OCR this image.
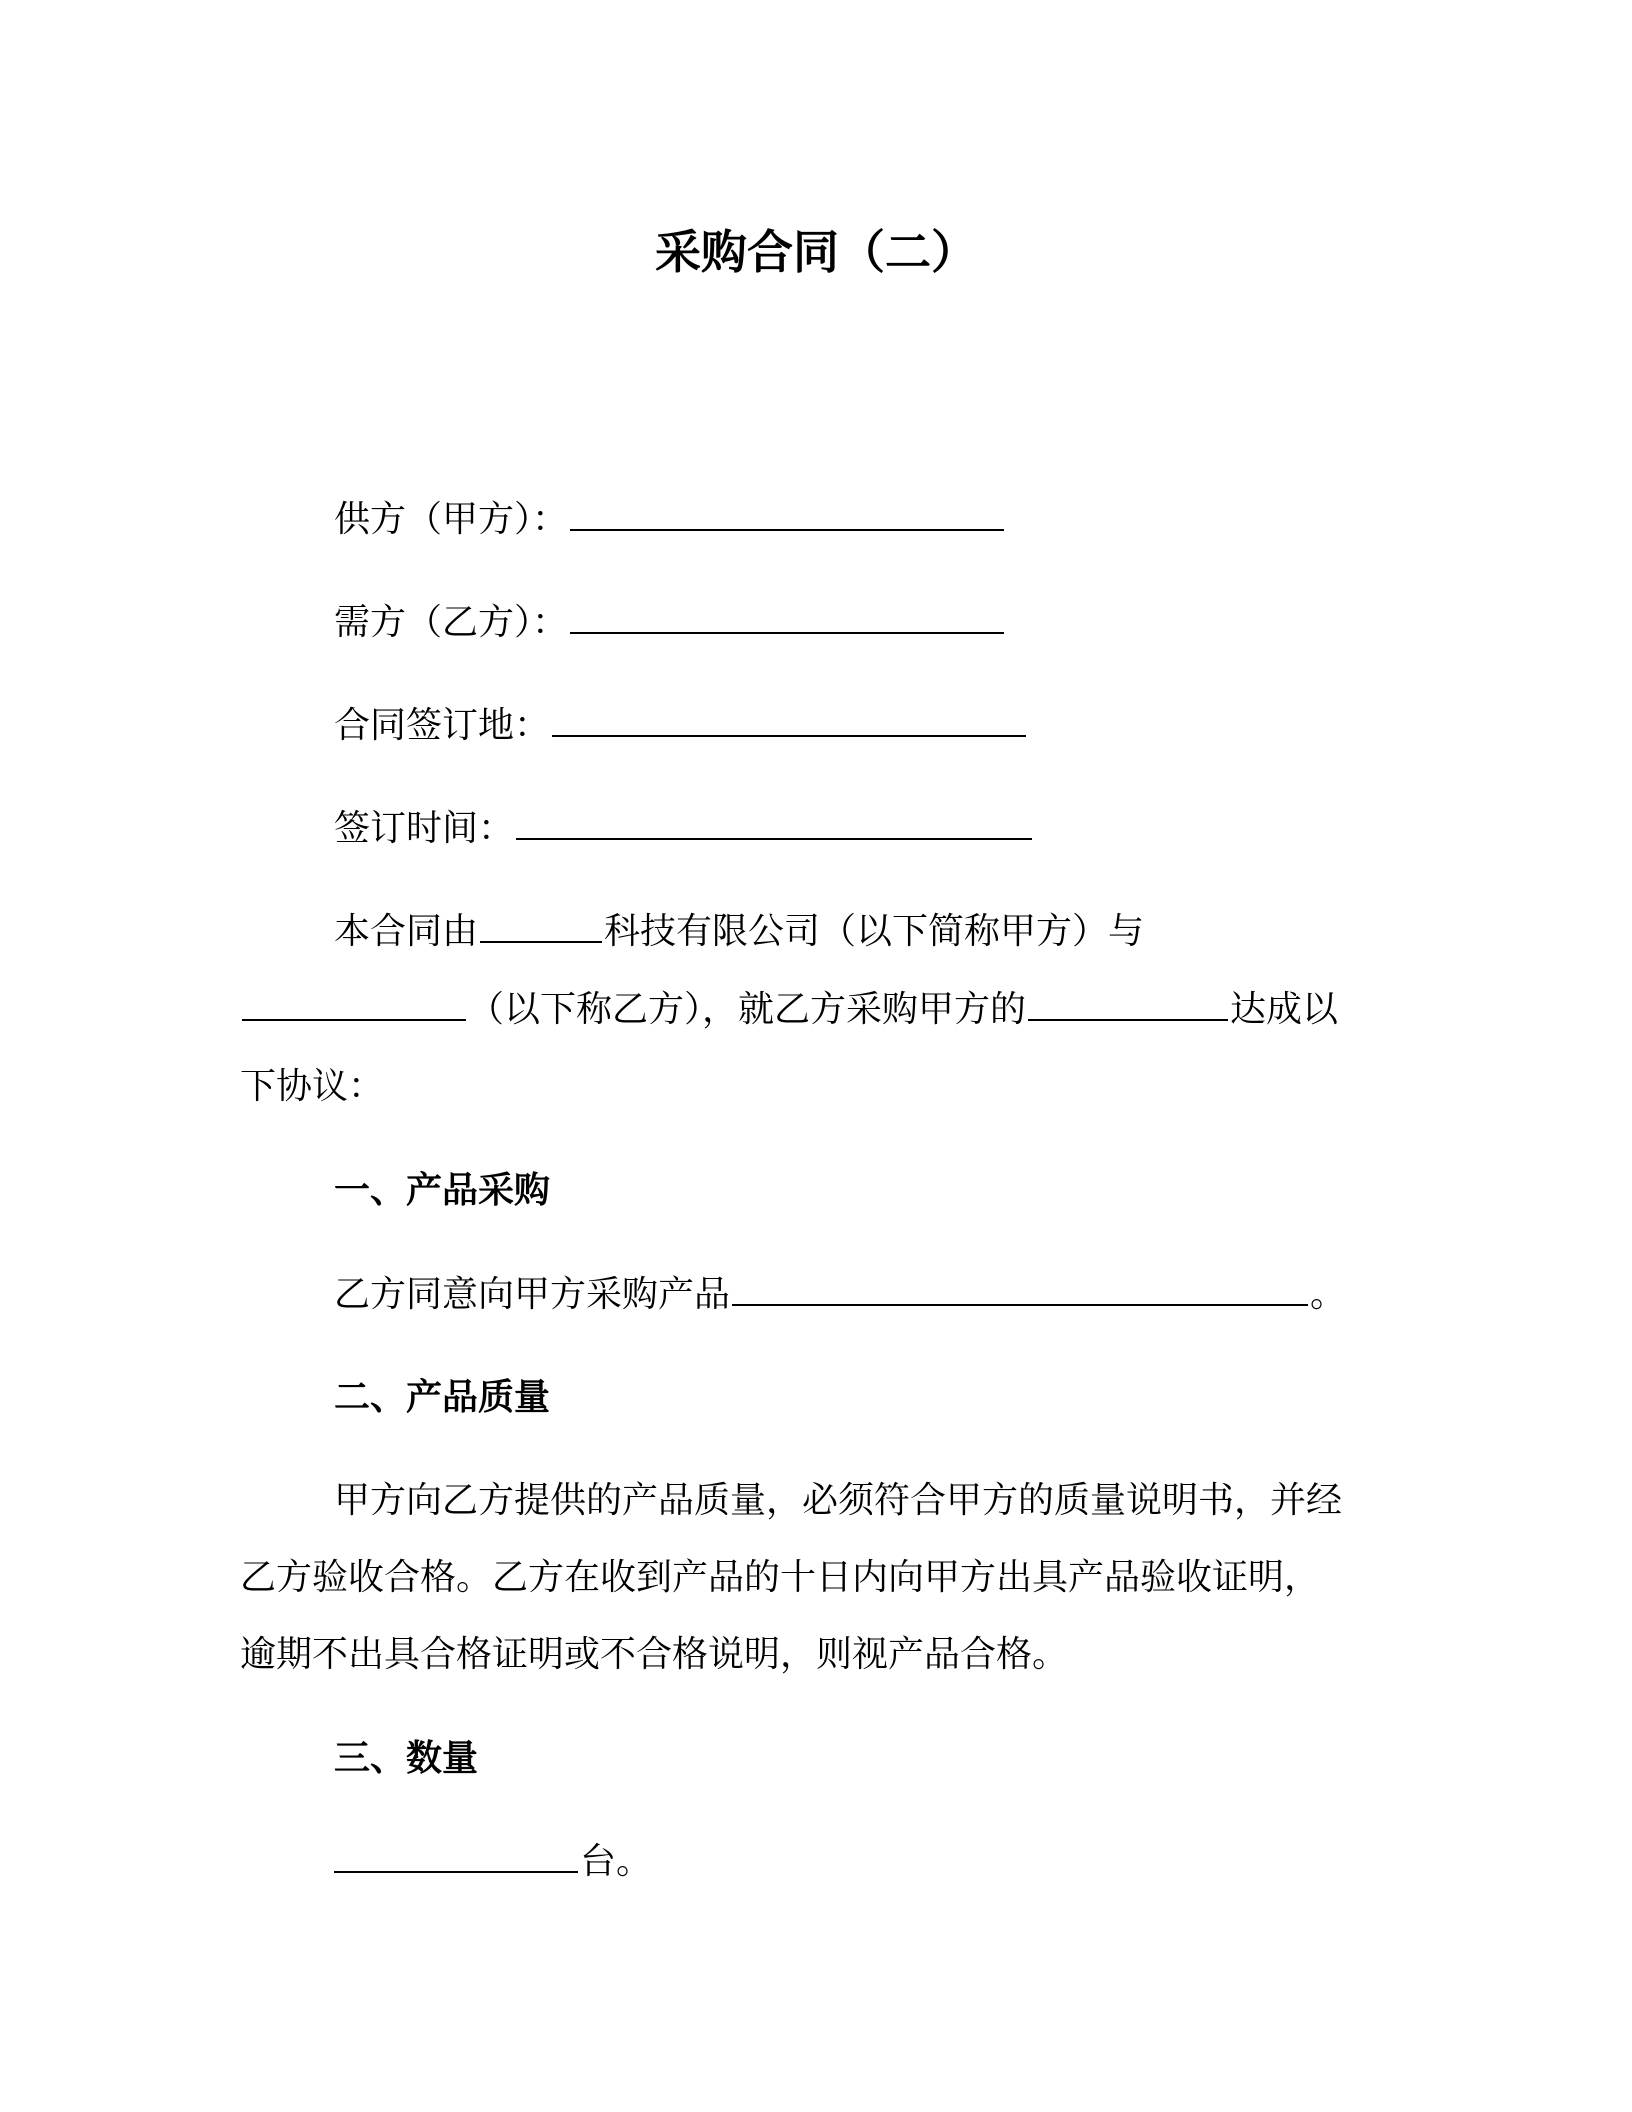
采购合同（二）
供方（甲方）：
需方（乙方）：
合同签订地：
签订时间：
本合同由	科技有限公司（以下简称甲方）与
（以下称乙方），就乙方采购甲方的	达成以
下协议：
一、产品采购
乙方同意向甲方采购产品	。
二、产品质量
甲方向乙方提供的产品质量，必须符合甲方的质量说明书，并经
乙方验收合格。乙方在收到产品的十日内向甲方出具产品验收证明，
逾期不出具合格证明或不合格说明，则视产品合格。
三、数量
台。
